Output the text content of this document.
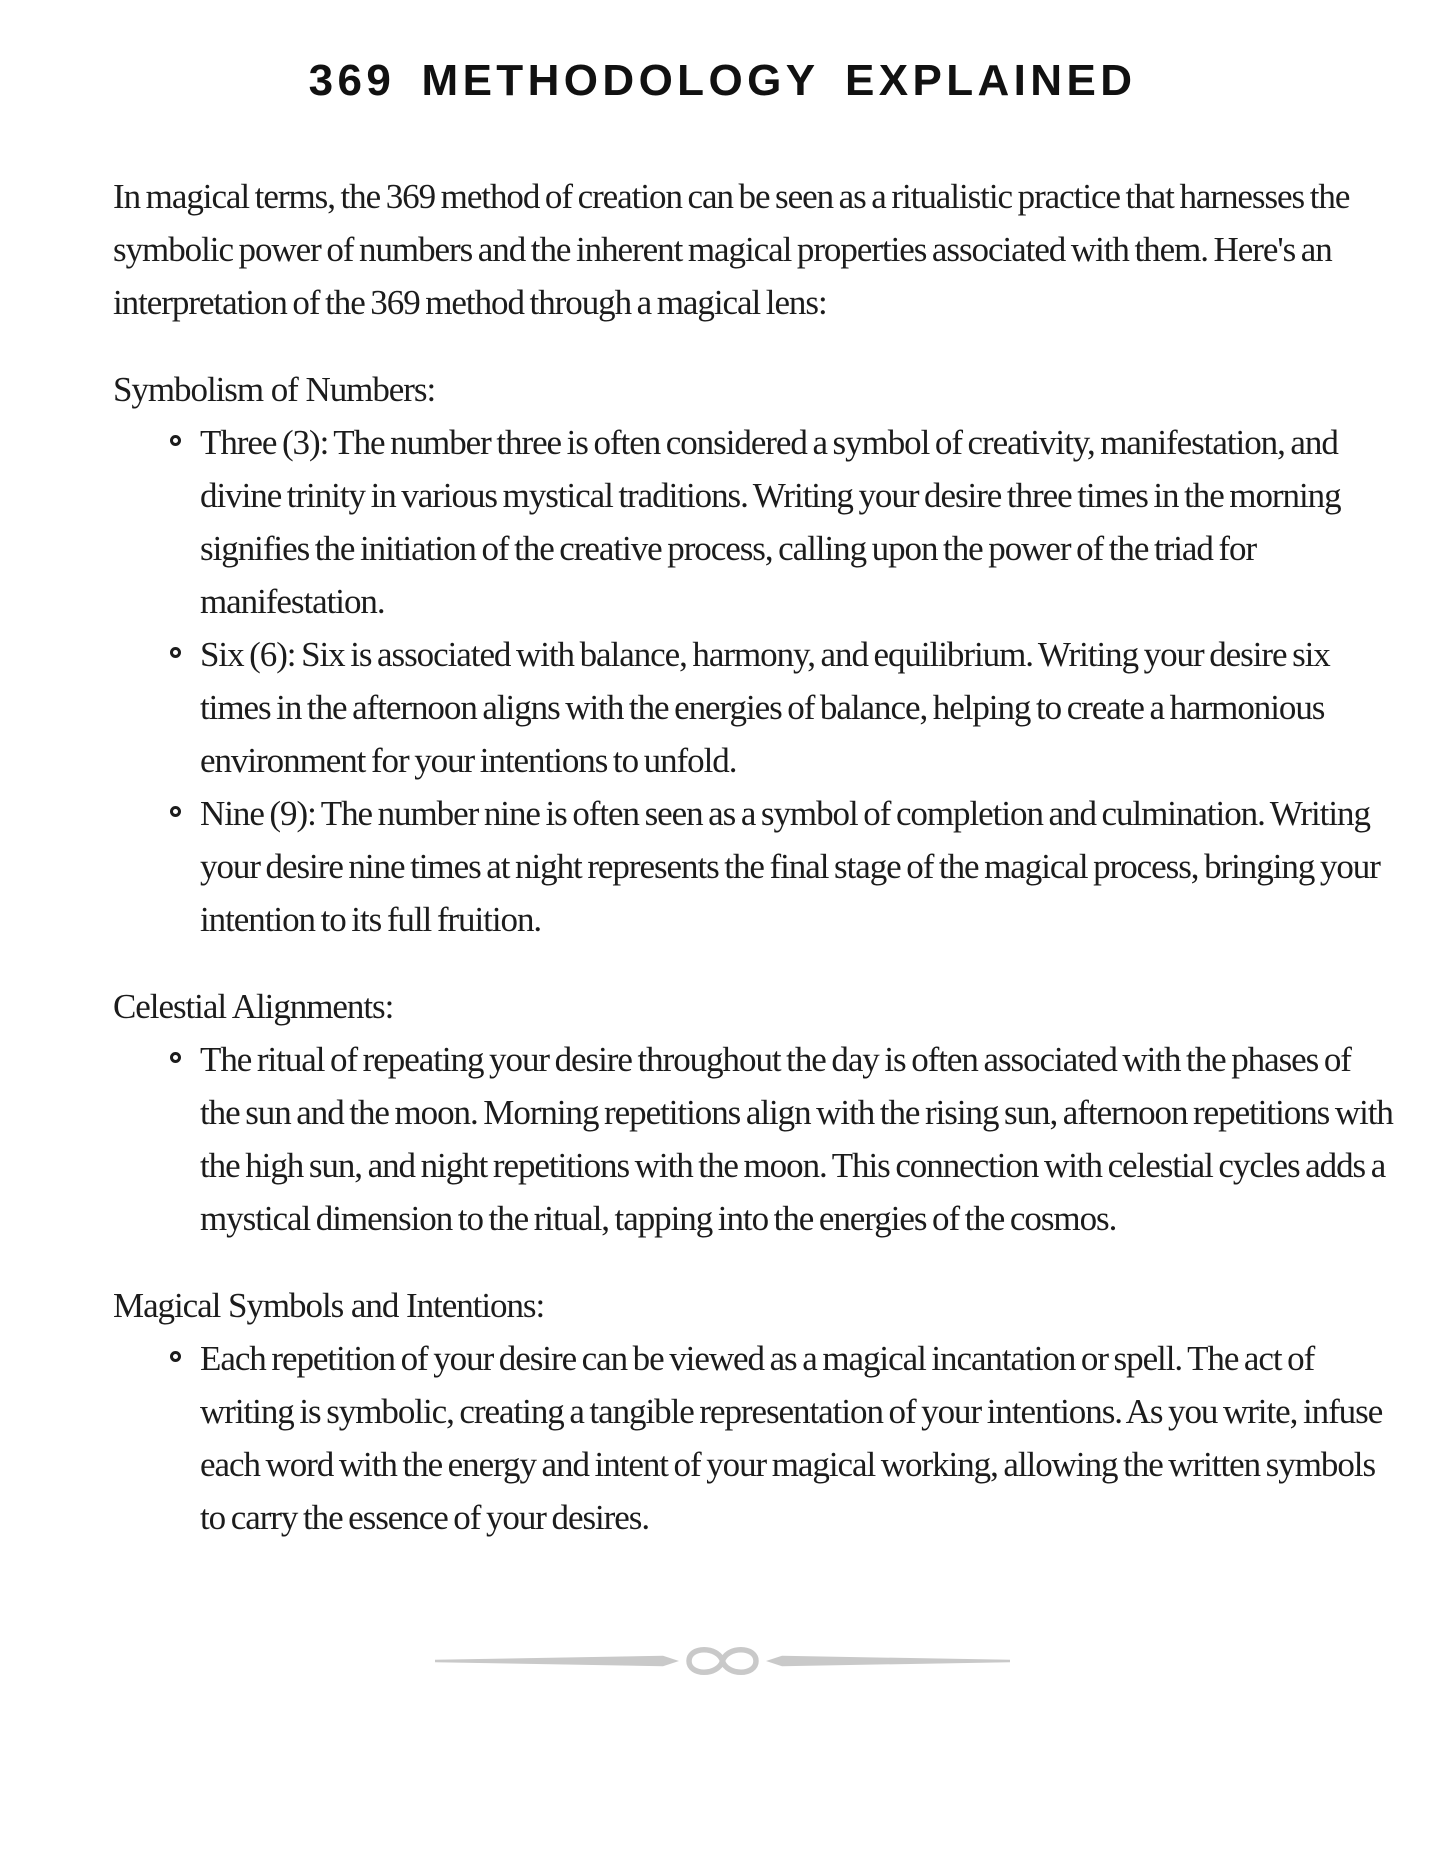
369 METHODOLOGY EXPLAINED

In magical terms, the 369 method of creation can be seen as a ritualistic practice that harnesses the symbolic power of numbers and the inherent magical properties associated with them. Here's an interpretation of the 369 method through a magical lens:

Symbolism of Numbers:
Three (3): The number three is often considered a symbol of creativity, manifestation, and divine trinity in various mystical traditions. Writing your desire three times in the morning signifies the initiation of the creative process, calling upon the power of the triad for manifestation.
Six (6): Six is associated with balance, harmony, and equilibrium. Writing your desire six times in the afternoon aligns with the energies of balance, helping to create a harmonious environment for your intentions to unfold.
Nine (9): The number nine is often seen as a symbol of completion and culmination. Writing your desire nine times at night represents the final stage of the magical process, bringing your intention to its full fruition.
Celestial Alignments:
The ritual of repeating your desire throughout the day is often associated with the phases of the sun and the moon. Morning repetitions align with the rising sun, afternoon repetitions with the high sun, and night repetitions with the moon. This connection with celestial cycles adds a mystical dimension to the ritual, tapping into the energies of the cosmos.
Magical Symbols and Intentions:
Each repetition of your desire can be viewed as a magical incantation or spell. The act of writing is symbolic, creating a tangible representation of your intentions. As you write, infuse each word with the energy and intent of your magical working, allowing the written symbols to carry the essence of your desires.
